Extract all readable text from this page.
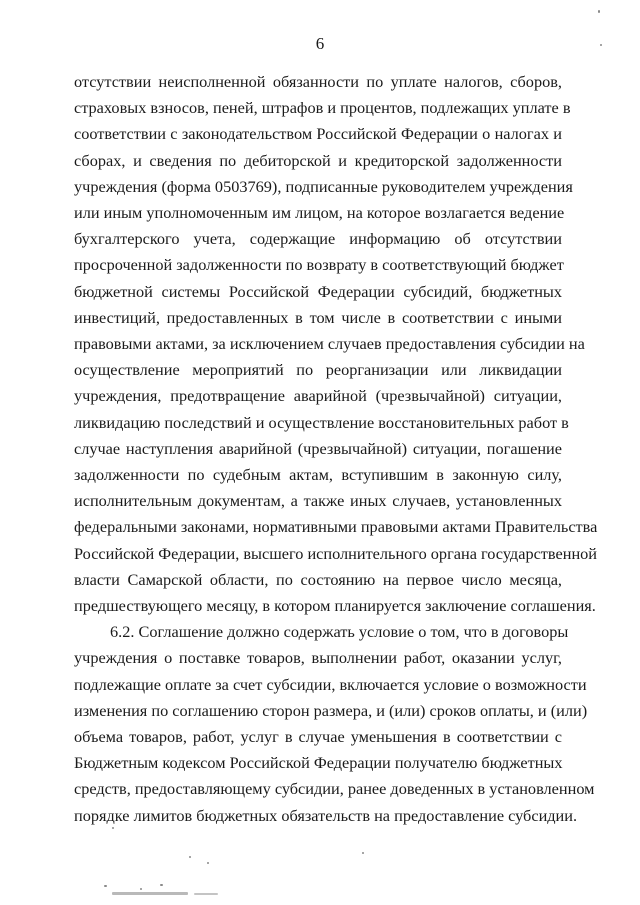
6

отсутствии неисполненной обязанности по уплате налогов, сборов,
страховых взносов, пеней, штрафов и процентов, подлежащих уплате в
соответствии с законодательством Российской Федерации о налогах и
сборах, и сведения по дебиторской и кредиторской задолженности
учреждения (форма 0503769), подписанные руководителем учреждения
или иным уполномоченным им лицом, на которое возлагается ведение
бухгалтерского учета, содержащие информацию об отсутствии
просроченной задолженности по возврату в соответствующий бюджет
бюджетной системы Российской Федерации субсидий, бюджетных
инвестиций, предоставленных в том числе в соответствии с иными
правовыми актами, за исключением случаев предоставления субсидии на
осуществление мероприятий по реорганизации или ликвидации
учреждения, предотвращение аварийной (чрезвычайной) ситуации,
ликвидацию последствий и осуществление восстановительных работ в
случае наступления аварийной (чрезвычайной) ситуации, погашение
задолженности по судебным актам, вступившим в законную силу,
исполнительным документам, а также иных случаев, установленных
федеральными законами, нормативными правовыми актами Правительства
Российской Федерации, высшего исполнительного органа государственной
власти Самарской области, по состоянию на первое число месяца,
предшествующего месяцу, в котором планируется заключение соглашения.

6.2. Соглашение должно содержать условие о том, что в договоры
учреждения о поставке товаров, выполнении работ, оказании услуг,
подлежащие оплате за счет субсидии, включается условие о возможности
изменения по соглашению сторон размера, и (или) сроков оплаты, и (или)
объема товаров, работ, услуг в случае уменьшения в соответствии с
Бюджетным кодексом Российской Федерации получателю бюджетных
средств, предоставляющему субсидии, ранее доведенных в установленном
порядке лимитов бюджетных обязательств на предоставление субсидии.
